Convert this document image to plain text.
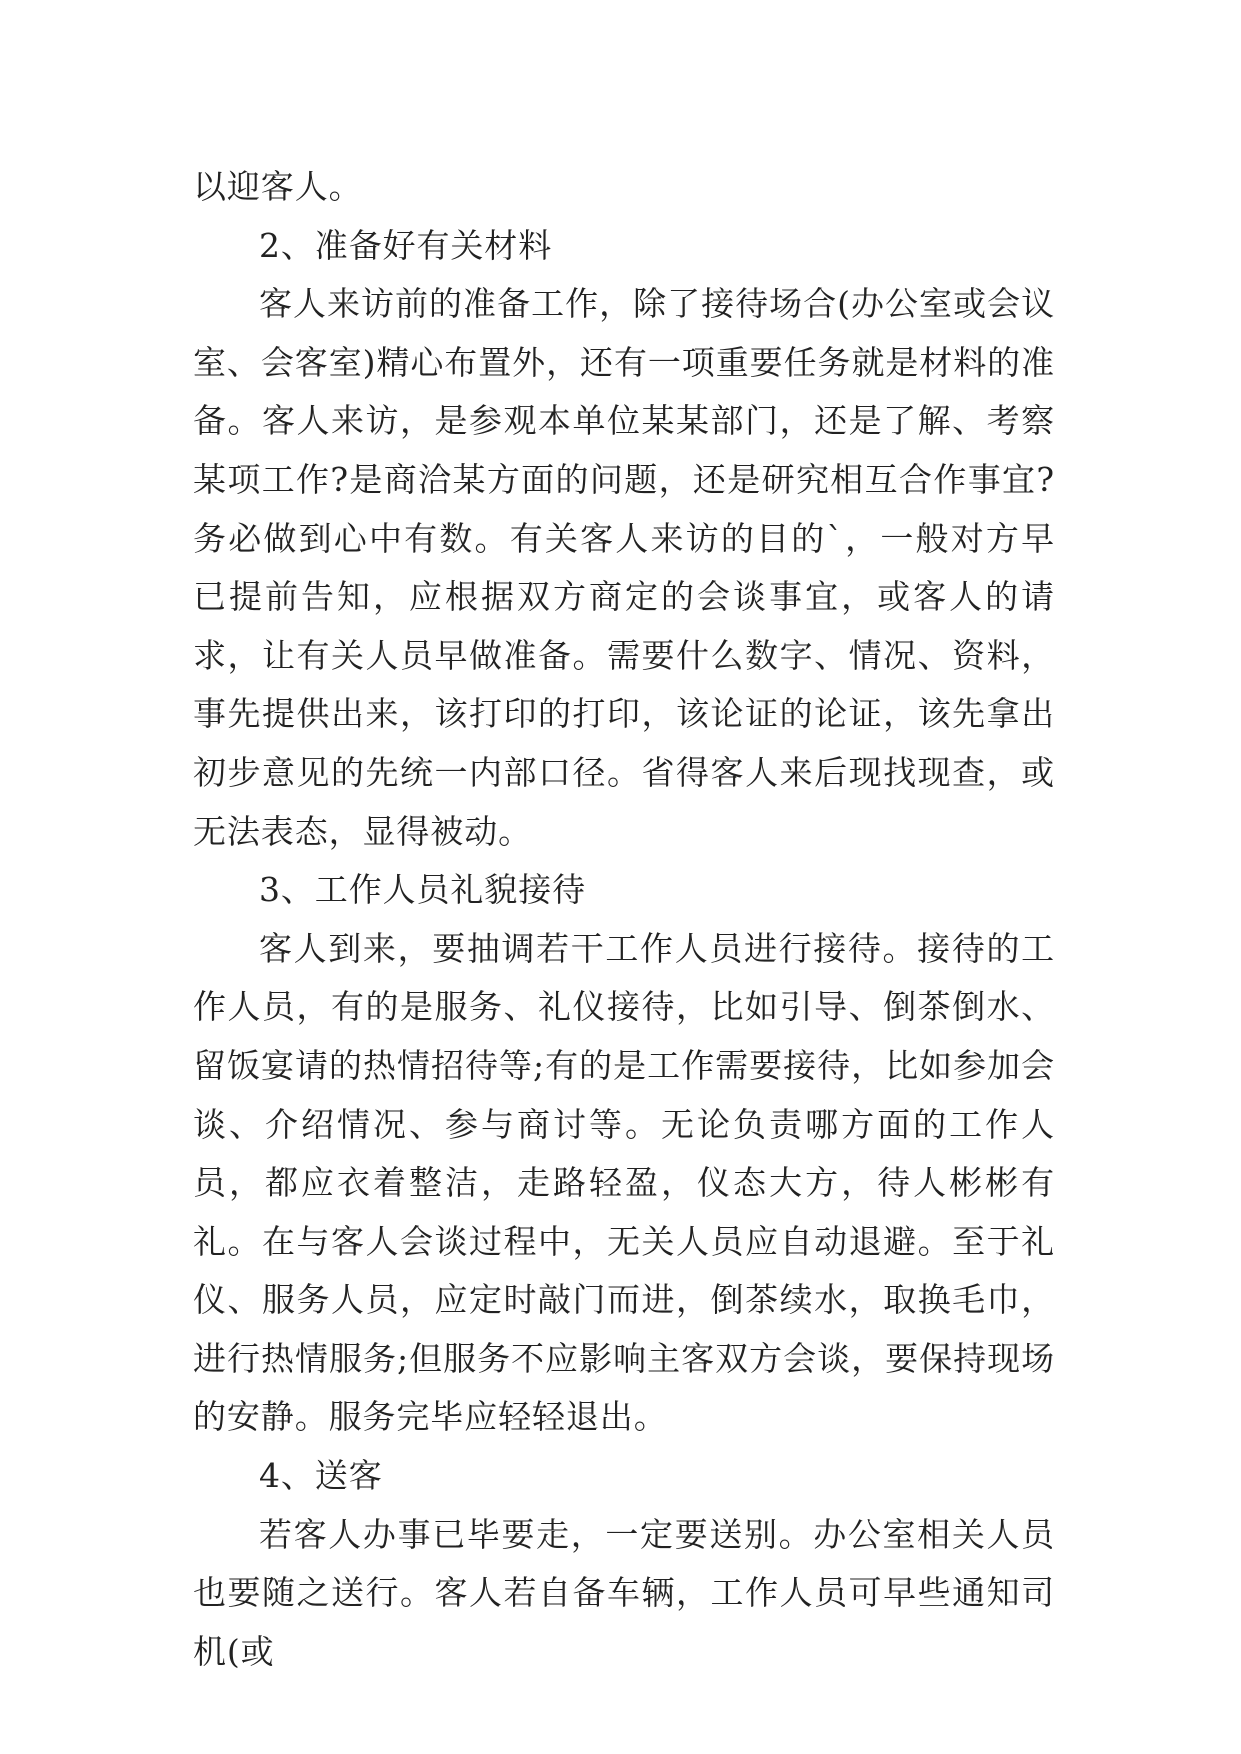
以迎客人。

2、准备好有关材料

客人来访前的准备工作，除了接待场合(办公室或会议室、会客室)精心布置外，还有一项重要任务就是材料的准备。客人来访，是参观本单位某某部门，还是了解、考察某项工作?是商洽某方面的问题，还是研究相互合作事宜?务必做到心中有数。有关客人来访的目的`，一般对方早已提前告知，应根据双方商定的会谈事宜，或客人的请求，让有关人员早做准备。需要什么数字、情况、资料，事先提供出来，该打印的打印，该论证的论证，该先拿出初步意见的先统一内部口径。省得客人来后现找现查，或无法表态，显得被动。

3、工作人员礼貌接待

客人到来，要抽调若干工作人员进行接待。接待的工作人员，有的是服务、礼仪接待，比如引导、倒茶倒水、留饭宴请的热情招待等;有的是工作需要接待，比如参加会谈、介绍情况、参与商讨等。无论负责哪方面的工作人员，都应衣着整洁，走路轻盈，仪态大方，待人彬彬有礼。在与客人会谈过程中，无关人员应自动退避。至于礼仪、服务人员，应定时敲门而进，倒茶续水，取换毛巾，进行热情服务;但服务不应影响主客双方会谈，要保持现场的安静。服务完毕应轻轻退出。

4、送客

若客人办事已毕要走，一定要送别。办公室相关人员也要随之送行。客人若自备车辆，工作人员可早些通知司机(或
